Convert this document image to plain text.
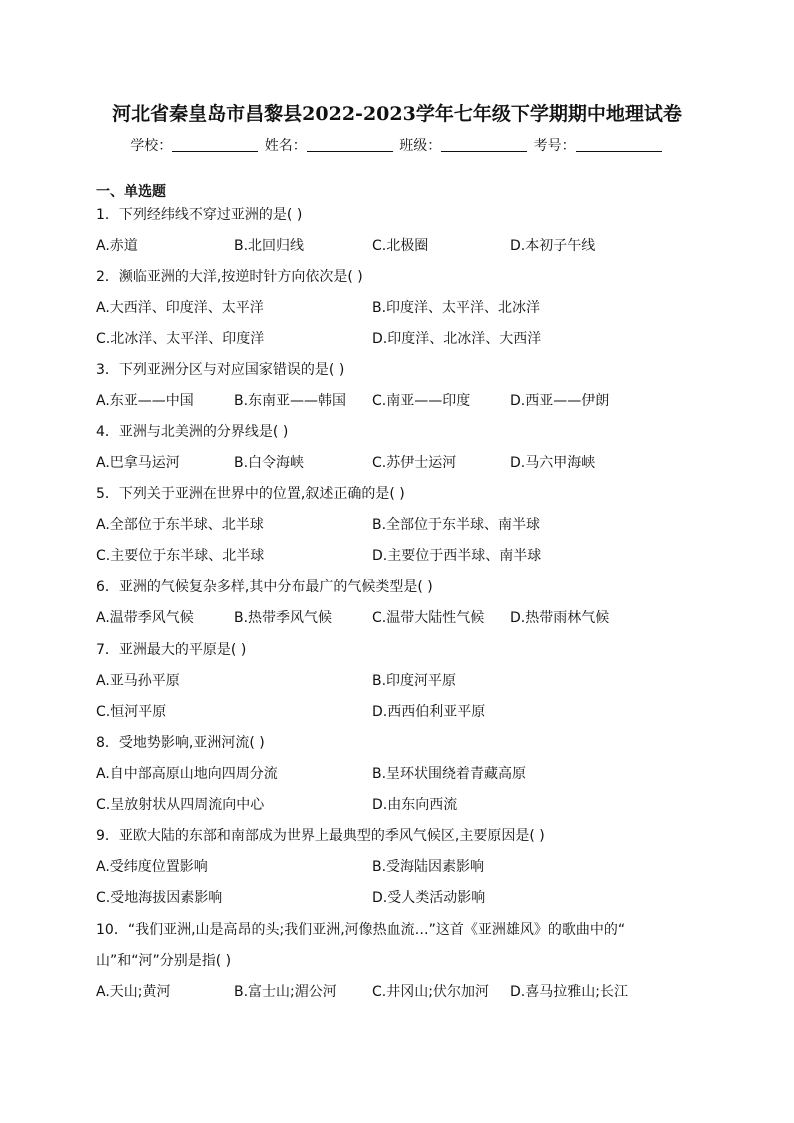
河北省秦皇岛市昌黎县2022-2023学年七年级下学期期中地理试卷
学校：	姓名：	班级：	考号：
一、单选题
1．下列经纬线不穿过亚洲的是( )
A.赤道	B.北回归线	C.北极圈	D.本初子午线
2．濒临亚洲的大洋,按逆时针方向依次是( )
A.大西洋、印度洋、太平洋	B.印度洋、太平洋、北冰洋
C.北冰洋、太平洋、印度洋	D.印度洋、北冰洋、大西洋
3．下列亚洲分区与对应国家错误的是( )
A.东亚——中国	B.东南亚——韩国 C.南亚——印度	D.西亚——伊朗
4．亚洲与北美洲的分界线是( )
A.巴拿马运河	B.白令海峡	C.苏伊士运河	D.马六甲海峡
5．下列关于亚洲在世界中的位置,叙述正确的是( )
A.全部位于东半球、北半球	B.全部位于东半球、南半球
C.主要位于东半球、北半球	D.主要位于西半球、南半球
6．亚洲的气候复杂多样,其中分布最广的气候类型是( )
A.温带季风气候	B.热带季风气候	C.温带大陆性气候 D.热带雨林气候
7．亚洲最大的平原是( )
A.亚马孙平原	B.印度河平原
C.恒河平原	D.西西伯利亚平原
8．受地势影响,亚洲河流( )
A.自中部高原山地向四周分流	B.呈环状围绕着青藏高原
C.呈放射状从四周流向中心	D.由东向西流
9．亚欧大陆的东部和南部成为世界上最典型的季风气候区,主要原因是( )
A.受纬度位置影响	B.受海陆因素影响
C.受地海拔因素影响	D.受人类活动影响
10．“我们亚洲,山是高昂的头;我们亚洲,河像热血流…”这首《亚洲雄风》的歌曲中的“
山”和“河”分别是指( )
A.天山;黄河	B.富士山;湄公河	C.井冈山;伏尔加河 D.喜马拉雅山;长江
